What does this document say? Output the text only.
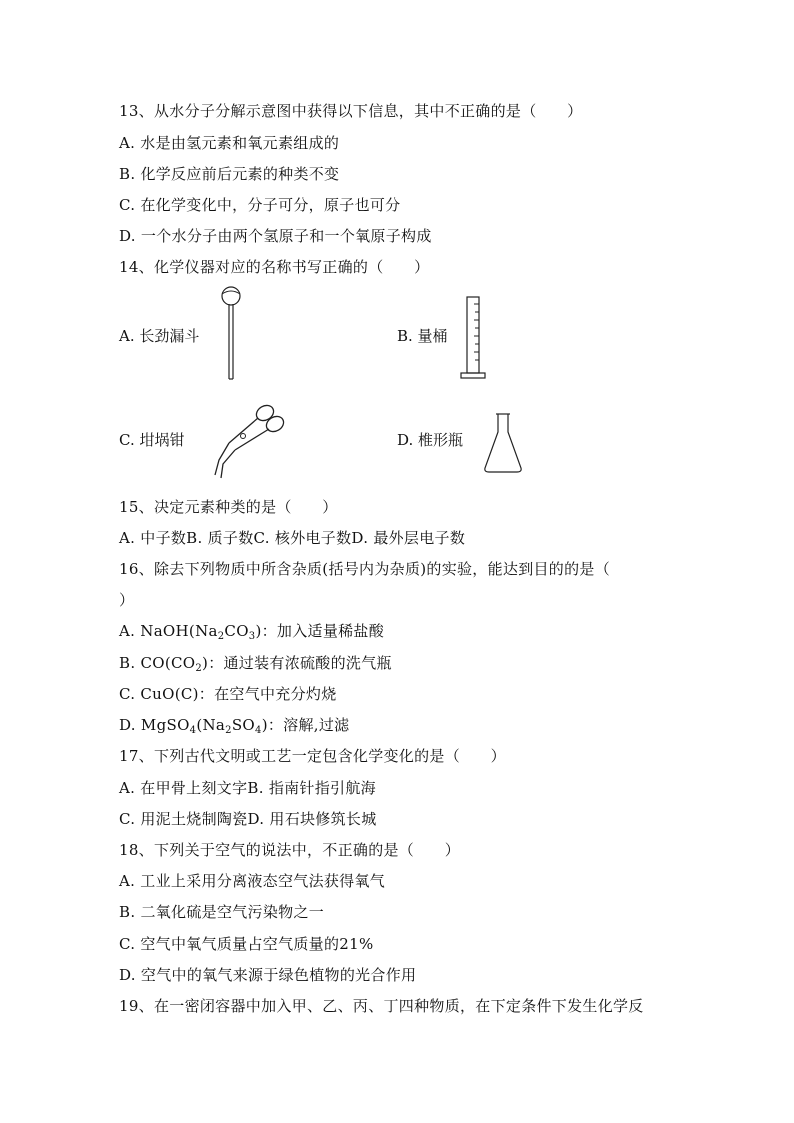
13、从水分子分解示意图中获得以下信息，其中不正确的是（　　）
A. 水是由氢元素和氧元素组成的
B. 化学反应前后元素的种类不变
C. 在化学变化中，分子可分，原子也可分
D. 一个水分子由两个氢原子和一个氧原子构成
14、化学仪器对应的名称书写正确的（　　）
A. 长劲漏斗	B. 量桶
C. 坩埚钳	D. 椎形瓶
15、决定元素种类的是（　　）
A. 中子数B. 质子数C. 核外电子数D. 最外层电子数
16、除去下列物质中所含杂质(括号内为杂质)的实验，能达到目的的是（
）
A. $NaOH(Na_2CO_3)$：加入适量稀盐酸
B. $CO(CO_2)$：通过装有浓硫酸的洗气瓶
C. CuO(C)：在空气中充分灼烧
D. $MgSO_4(Na_2SO_4)$：溶解,过滤
17、下列古代文明或工艺一定包含化学变化的是（　　）
A. 在甲骨上刻文字B. 指南针指引航海
C. 用泥土烧制陶瓷D. 用石块修筑长城
18、下列关于空气的说法中，不正确的是（　　）
A. 工业上采用分离液态空气法获得氧气
B. 二氧化硫是空气污染物之一
C. 空气中氧气质量占空气质量的21%
D. 空气中的氧气来源于绿色植物的光合作用
19、在一密闭容器中加入甲、乙、丙、丁四种物质，在下定条件下发生化学反
